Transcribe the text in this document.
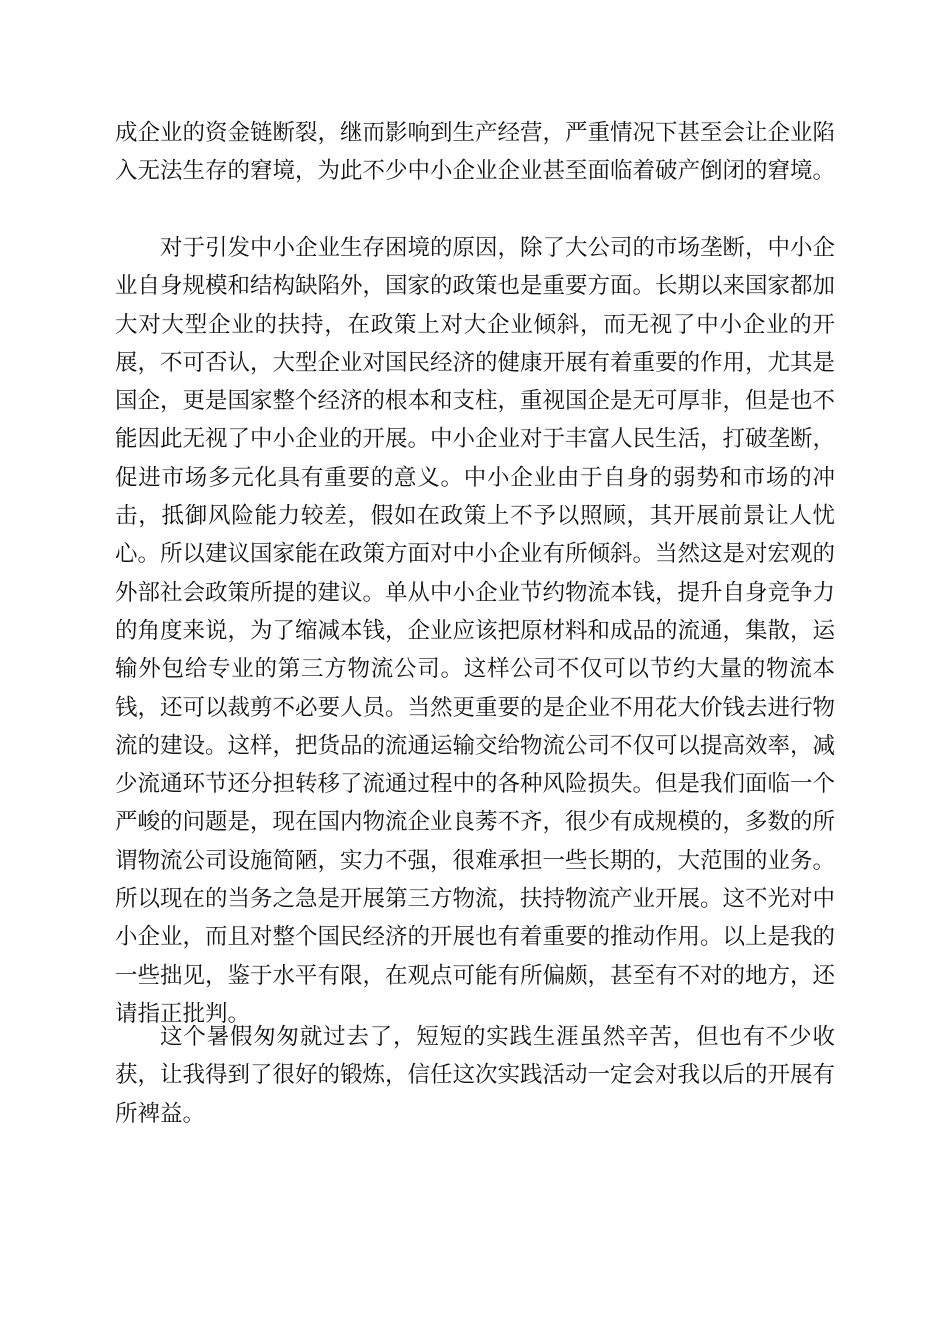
成企业的资金链断裂，继而影响到生产经营，严重情况下甚至会让企业陷
入无法生存的窘境，为此不少中小企业企业甚至面临着破产倒闭的窘境。
对于引发中小企业生存困境的原因，除了大公司的市场垄断，中小企
业自身规模和结构缺陷外，国家的政策也是重要方面。长期以来国家都加
大对大型企业的扶持，在政策上对大企业倾斜，而无视了中小企业的开
展，不可否认，大型企业对国民经济的健康开展有着重要的作用，尤其是
国企，更是国家整个经济的根本和支柱，重视国企是无可厚非，但是也不
能因此无视了中小企业的开展。中小企业对于丰富人民生活，打破垄断，
促进市场多元化具有重要的意义。中小企业由于自身的弱势和市场的冲
击，抵御风险能力较差，假如在政策上不予以照顾，其开展前景让人忧
心。所以建议国家能在政策方面对中小企业有所倾斜。当然这是对宏观的
外部社会政策所提的建议。单从中小企业节约物流本钱，提升自身竞争力
的角度来说，为了缩减本钱，企业应该把原材料和成品的流通，集散，运
输外包给专业的第三方物流公司。这样公司不仅可以节约大量的物流本
钱，还可以裁剪不必要人员。当然更重要的是企业不用花大价钱去进行物
流的建设。这样，把货品的流通运输交给物流公司不仅可以提高效率，减
少流通环节还分担转移了流通过程中的各种风险损失。但是我们面临一个
严峻的问题是，现在国内物流企业良莠不齐，很少有成规模的，多数的所
谓物流公司设施简陋，实力不强，很难承担一些长期的，大范围的业务。
所以现在的当务之急是开展第三方物流，扶持物流产业开展。这不光对中
小企业，而且对整个国民经济的开展也有着重要的推动作用。以上是我的
一些拙见，鉴于水平有限，在观点可能有所偏颇，甚至有不对的地方，还
请指正批判。
这个暑假匆匆就过去了，短短的实践生涯虽然辛苦，但也有不少收
获，让我得到了很好的锻炼，信任这次实践活动一定会对我以后的开展有
所裨益。
